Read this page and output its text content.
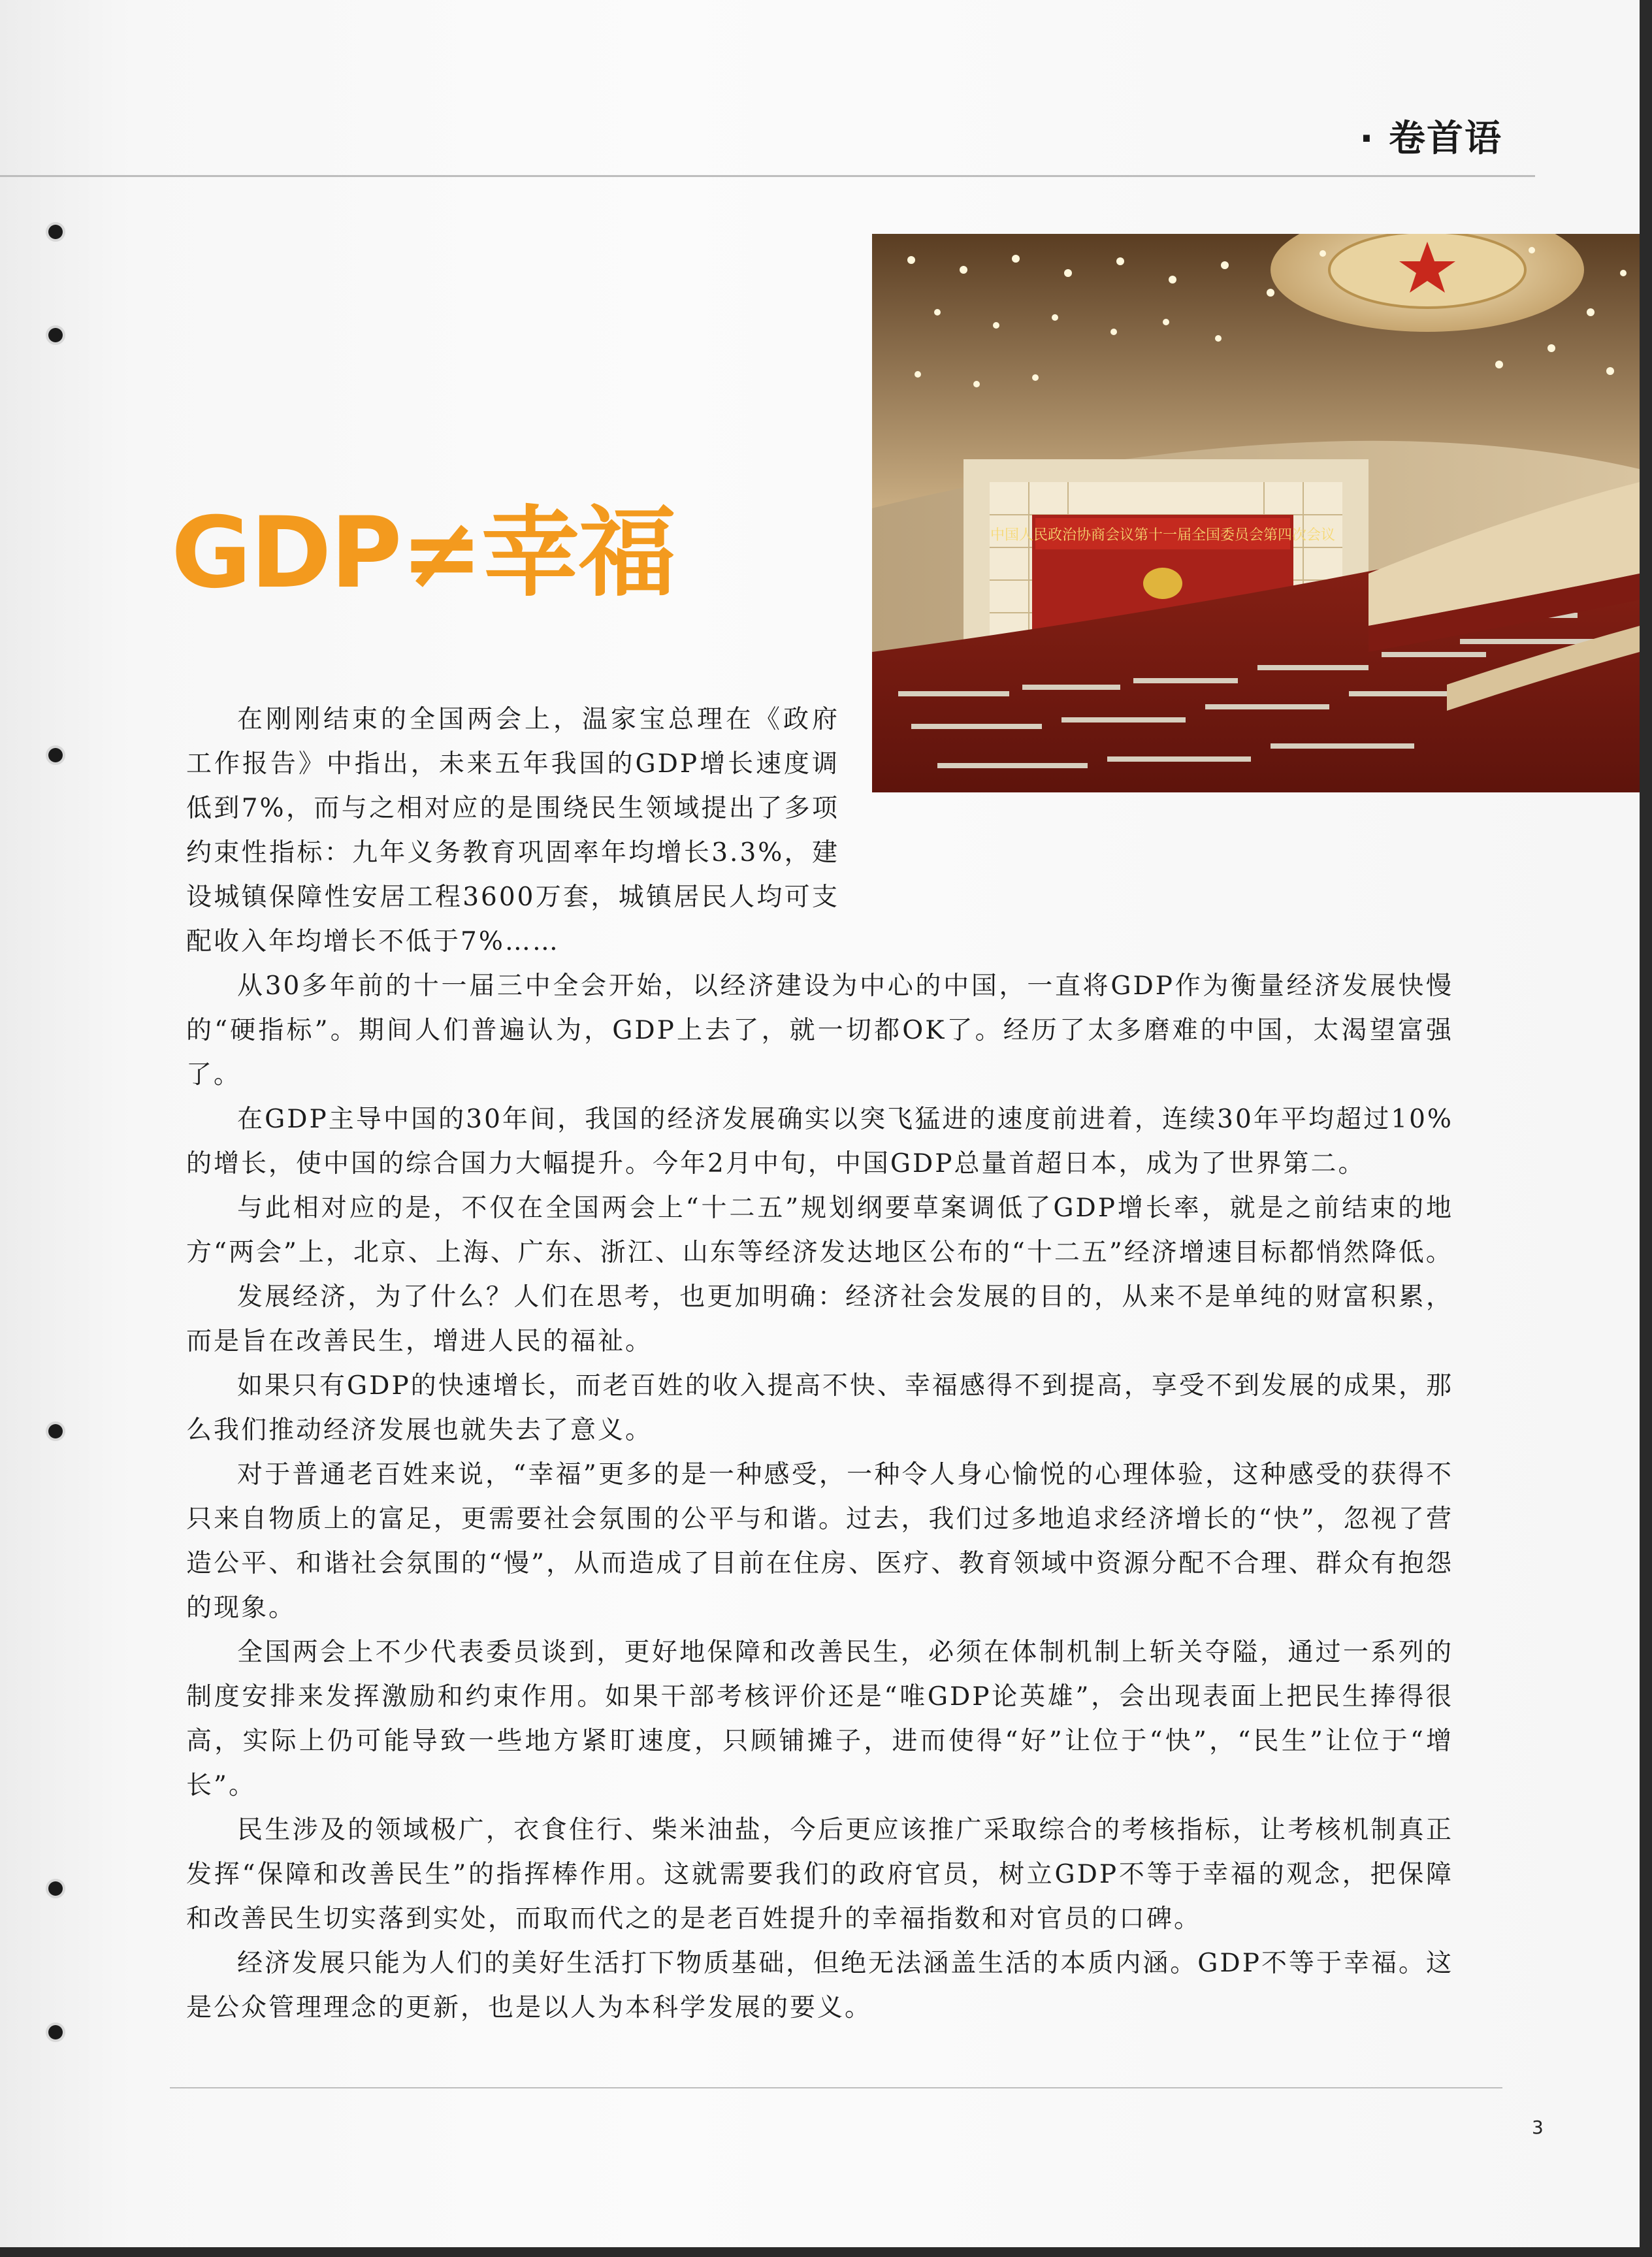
· 卷首语
中国人民政治协商会议第十一届全国委员会第四次会议
GDP≠幸福

在刚刚结束的全国两会上，温家宝总理在《政府工作报告》中指出，未来五年我国的GDP增长速度调低到7%，而与之相对应的是围绕民生领域提出了多项约束性指标：九年义务教育巩固率年均增长3.3%，建设城镇保障性安居工程3600万套，城镇居民人均可支配收入年均增长不低于7%……

从30多年前的十一届三中全会开始，以经济建设为中心的中国，一直将GDP作为衡量经济发展快慢的“硬指标”。期间人们普遍认为，GDP上去了，就一切都OK了。经历了太多磨难的中国，太渴望富强了。

在GDP主导中国的30年间，我国的经济发展确实以突飞猛进的速度前进着，连续30年平均超过10%的增长，使中国的综合国力大幅提升。今年2月中旬，中国GDP总量首超日本，成为了世界第二。

与此相对应的是，不仅在全国两会上“十二五”规划纲要草案调低了GDP增长率，就是之前结束的地方“两会”上，北京、上海、广东、浙江、山东等经济发达地区公布的“十二五”经济增速目标都悄然降低。

发展经济，为了什么？人们在思考，也更加明确：经济社会发展的目的，从来不是单纯的财富积累，而是旨在改善民生，增进人民的福祉。

如果只有GDP的快速增长，而老百姓的收入提高不快、幸福感得不到提高，享受不到发展的成果，那么我们推动经济发展也就失去了意义。

对于普通老百姓来说，“幸福”更多的是一种感受，一种令人身心愉悦的心理体验，这种感受的获得不只来自物质上的富足，更需要社会氛围的公平与和谐。过去，我们过多地追求经济增长的“快”，忽视了营造公平、和谐社会氛围的“慢”，从而造成了目前在住房、医疗、教育领域中资源分配不合理、群众有抱怨的现象。

全国两会上不少代表委员谈到，更好地保障和改善民生，必须在体制机制上斩关夺隘，通过一系列的制度安排来发挥激励和约束作用。如果干部考核评价还是“唯GDP论英雄”，会出现表面上把民生捧得很高，实际上仍可能导致一些地方紧盯速度，只顾铺摊子，进而使得“好”让位于“快”，“民生”让位于“增长”。

民生涉及的领域极广，衣食住行、柴米油盐，今后更应该推广采取综合的考核指标，让考核机制真正发挥“保障和改善民生”的指挥棒作用。这就需要我们的政府官员，树立GDP不等于幸福的观念，把保障和改善民生切实落到实处，而取而代之的是老百姓提升的幸福指数和对官员的口碑。

经济发展只能为人们的美好生活打下物质基础，但绝无法涵盖生活的本质内涵。GDP不等于幸福。这是公众管理理念的更新，也是以人为本科学发展的要义。

3
